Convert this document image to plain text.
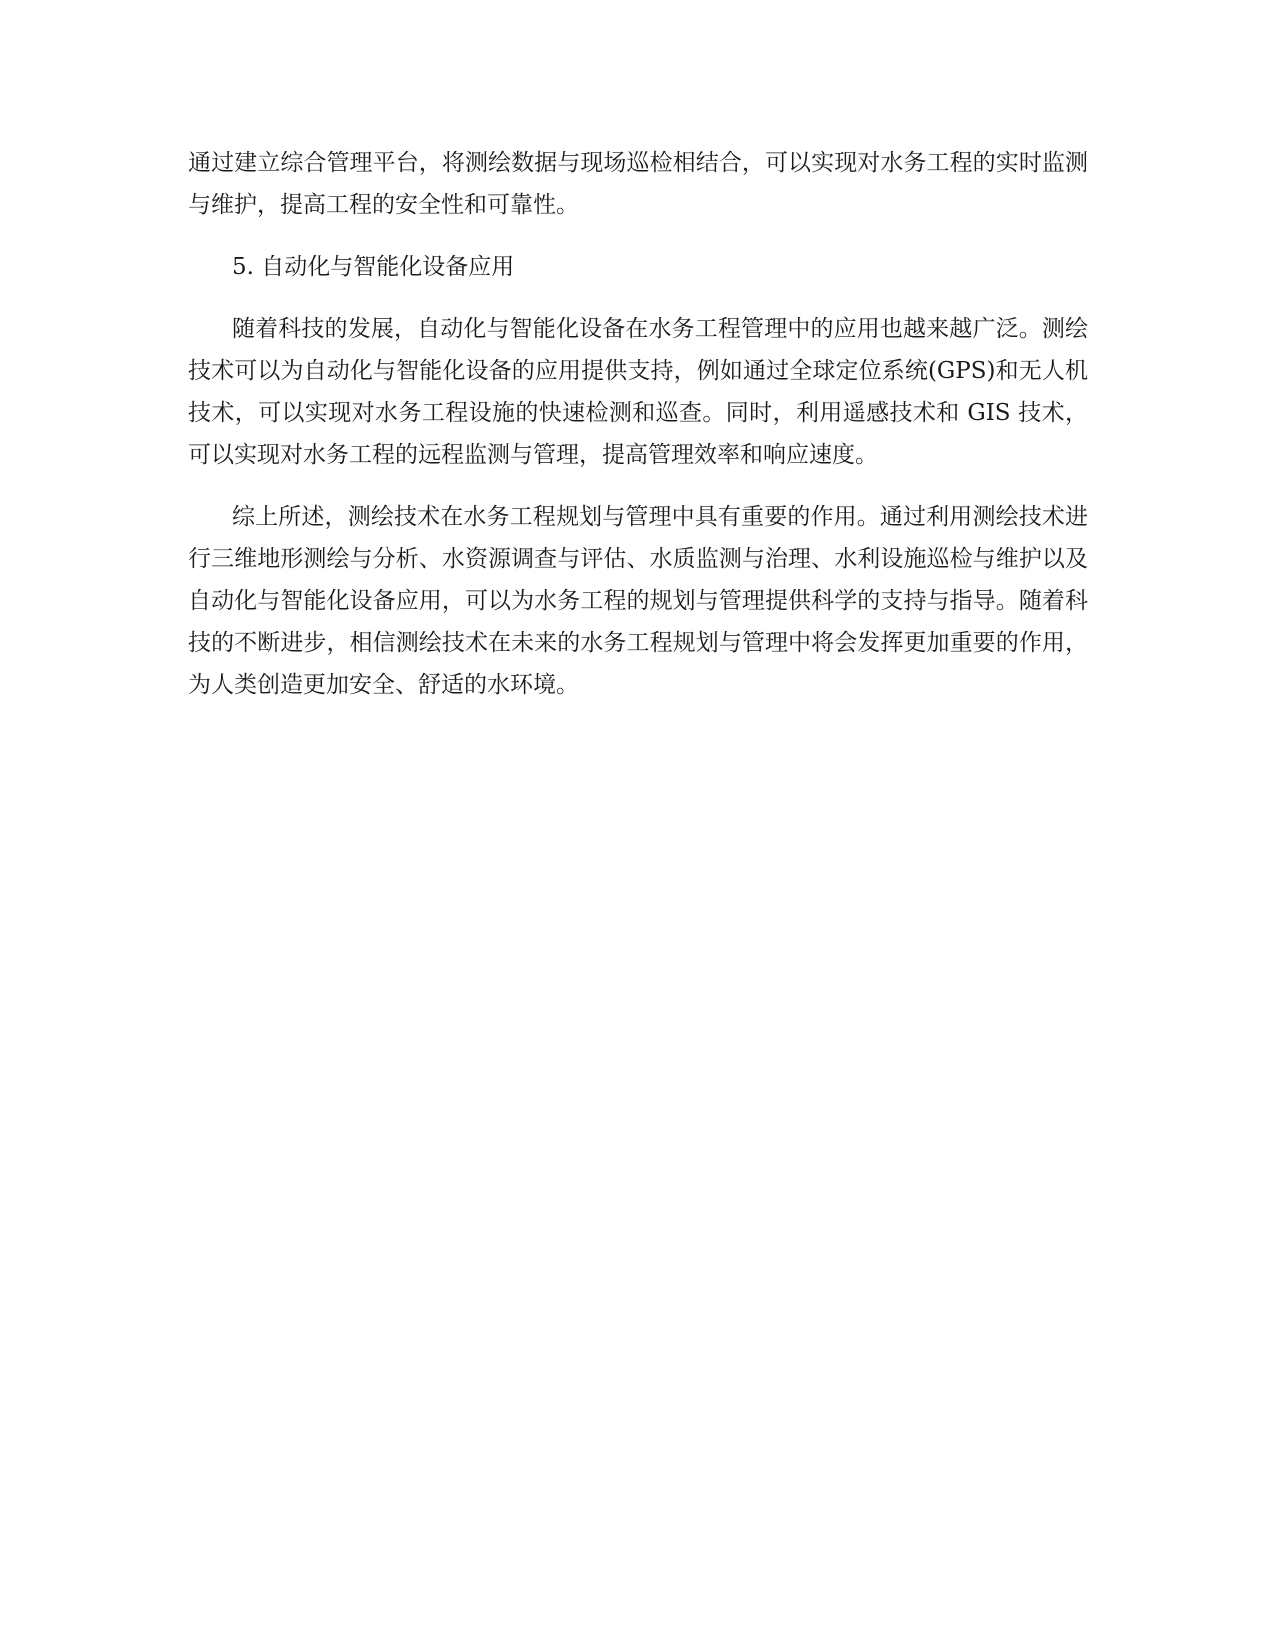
通过建立综合管理平台，将测绘数据与现场巡检相结合，可以实现对水务工程的实时监测与维护，提高工程的安全性和可靠性。

5. 自动化与智能化设备应用

随着科技的发展，自动化与智能化设备在水务工程管理中的应用也越来越广泛。测绘技术可以为自动化与智能化设备的应用提供支持，例如通过全球定位系统(GPS)和无人机技术，可以实现对水务工程设施的快速检测和巡查。同时，利用遥感技术和 GIS 技术，可以实现对水务工程的远程监测与管理，提高管理效率和响应速度。

综上所述，测绘技术在水务工程规划与管理中具有重要的作用。通过利用测绘技术进行三维地形测绘与分析、水资源调查与评估、水质监测与治理、水利设施巡检与维护以及自动化与智能化设备应用，可以为水务工程的规划与管理提供科学的支持与指导。随着科技的不断进步，相信测绘技术在未来的水务工程规划与管理中将会发挥更加重要的作用，为人类创造更加安全、舒适的水环境。
